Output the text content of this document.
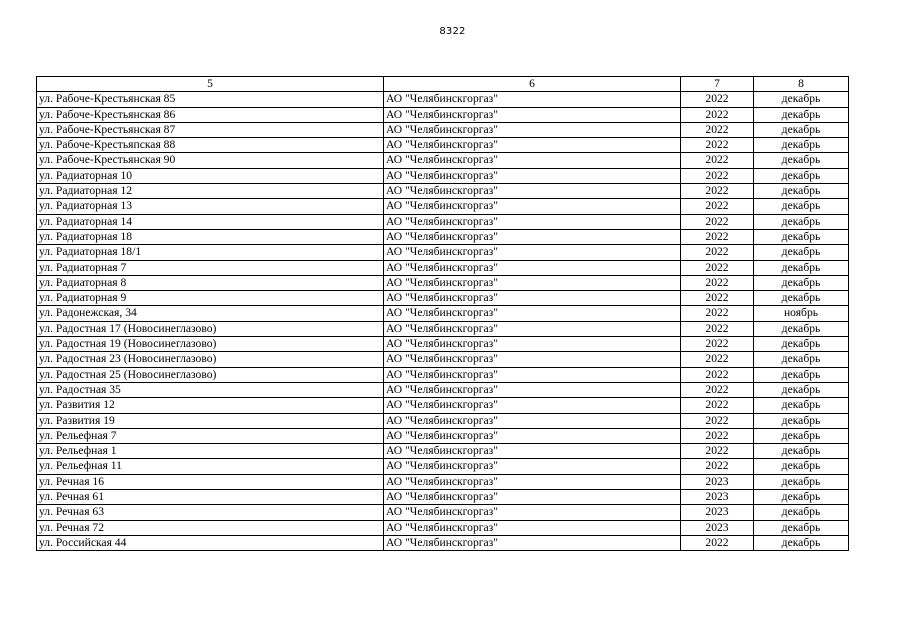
8322
5	6	7	8
ул. Рабоче-Крестьянская 85	АО "Челябинскгоргаз"	2022	декабрь
ул. Рабоче-Крестьянская 86	АО "Челябинскгоргаз"	2022	декабрь
ул. Рабоче-Крестьянская 87	АО "Челябинскгоргаз"	2022	декабрь
ул. Рабоче-Крестьяпская 88	АО "Челябинскгоргаз"	2022	декабрь
ул. Рабоче-Крестьянская 90	АО "Челябинскгоргаз"	2022	декабрь
ул. Радиаторная 10	АО "Челябинскгоргаз"	2022	декабрь
ул. Радиаторная 12	АО "Челябинскгоргаз"	2022	декабрь
ул. Радиаторная 13	АО "Челябинскгоргаз"	2022	декабрь
ул. Радиаторная 14	АО "Челябинскгоргаз"	2022	декабрь
ул. Радиаторная 18	АО "Челябинскгоргаз"	2022	декабрь
ул. Радиаторная 18/1	АО "Челябинскгоргаз"	2022	декабрь
ул. Радиаторная 7	АО "Челябинскгоргаз"	2022	декабрь
ул. Радиаторная 8	АО "Челябинскгоргаз"	2022	декабрь
ул. Радиаторная 9	АО "Челябинскгоргаз"	2022	декабрь
ул. Радонежская, 34	АО "Челябинскгоргаз"	2022	ноябрь
ул. Радостная 17 (Новосинеглазово)	АО "Челябинскгоргаз"	2022	декабрь
ул. Радостная 19 (Новосинеглазово)	АО "Челябинскгоргаз"	2022	декабрь
ул. Радостная 23 (Новосинеглазово)	АО "Челябинскгоргаз"	2022	декабрь
ул. Радостная 25 (Новосинеглазово)	АО "Челябинскгоргаз"	2022	декабрь
ул. Радостная 35	АО "Челябинскгоргаз"	2022	декабрь
ул. Развития 12	АО "Челябинскгоргаз"	2022	декабрь
ул. Развития 19	АО "Челябинскгоргаз"	2022	декабрь
ул. Рельефная 7	АО "Челябинскгоргаз"	2022	декабрь
ул. Рельефная 1	АО "Челябинскгоргаз"	2022	декабрь
ул. Рельефная 11	АО "Челябинскгоргаз"	2022	декабрь
ул. Речная 16	АО "Челябинскгоргаз"	2023	декабрь
ул. Речная 61	АО "Челябинскгоргаз"	2023	декабрь
ул. Речная 63	АО "Челябинскгоргаз"	2023	декабрь
ул. Речная 72	АО "Челябинскгоргаз"	2023	декабрь
ул. Российская 44	АО "Челябинскгоргаз"	2022	декабрь
